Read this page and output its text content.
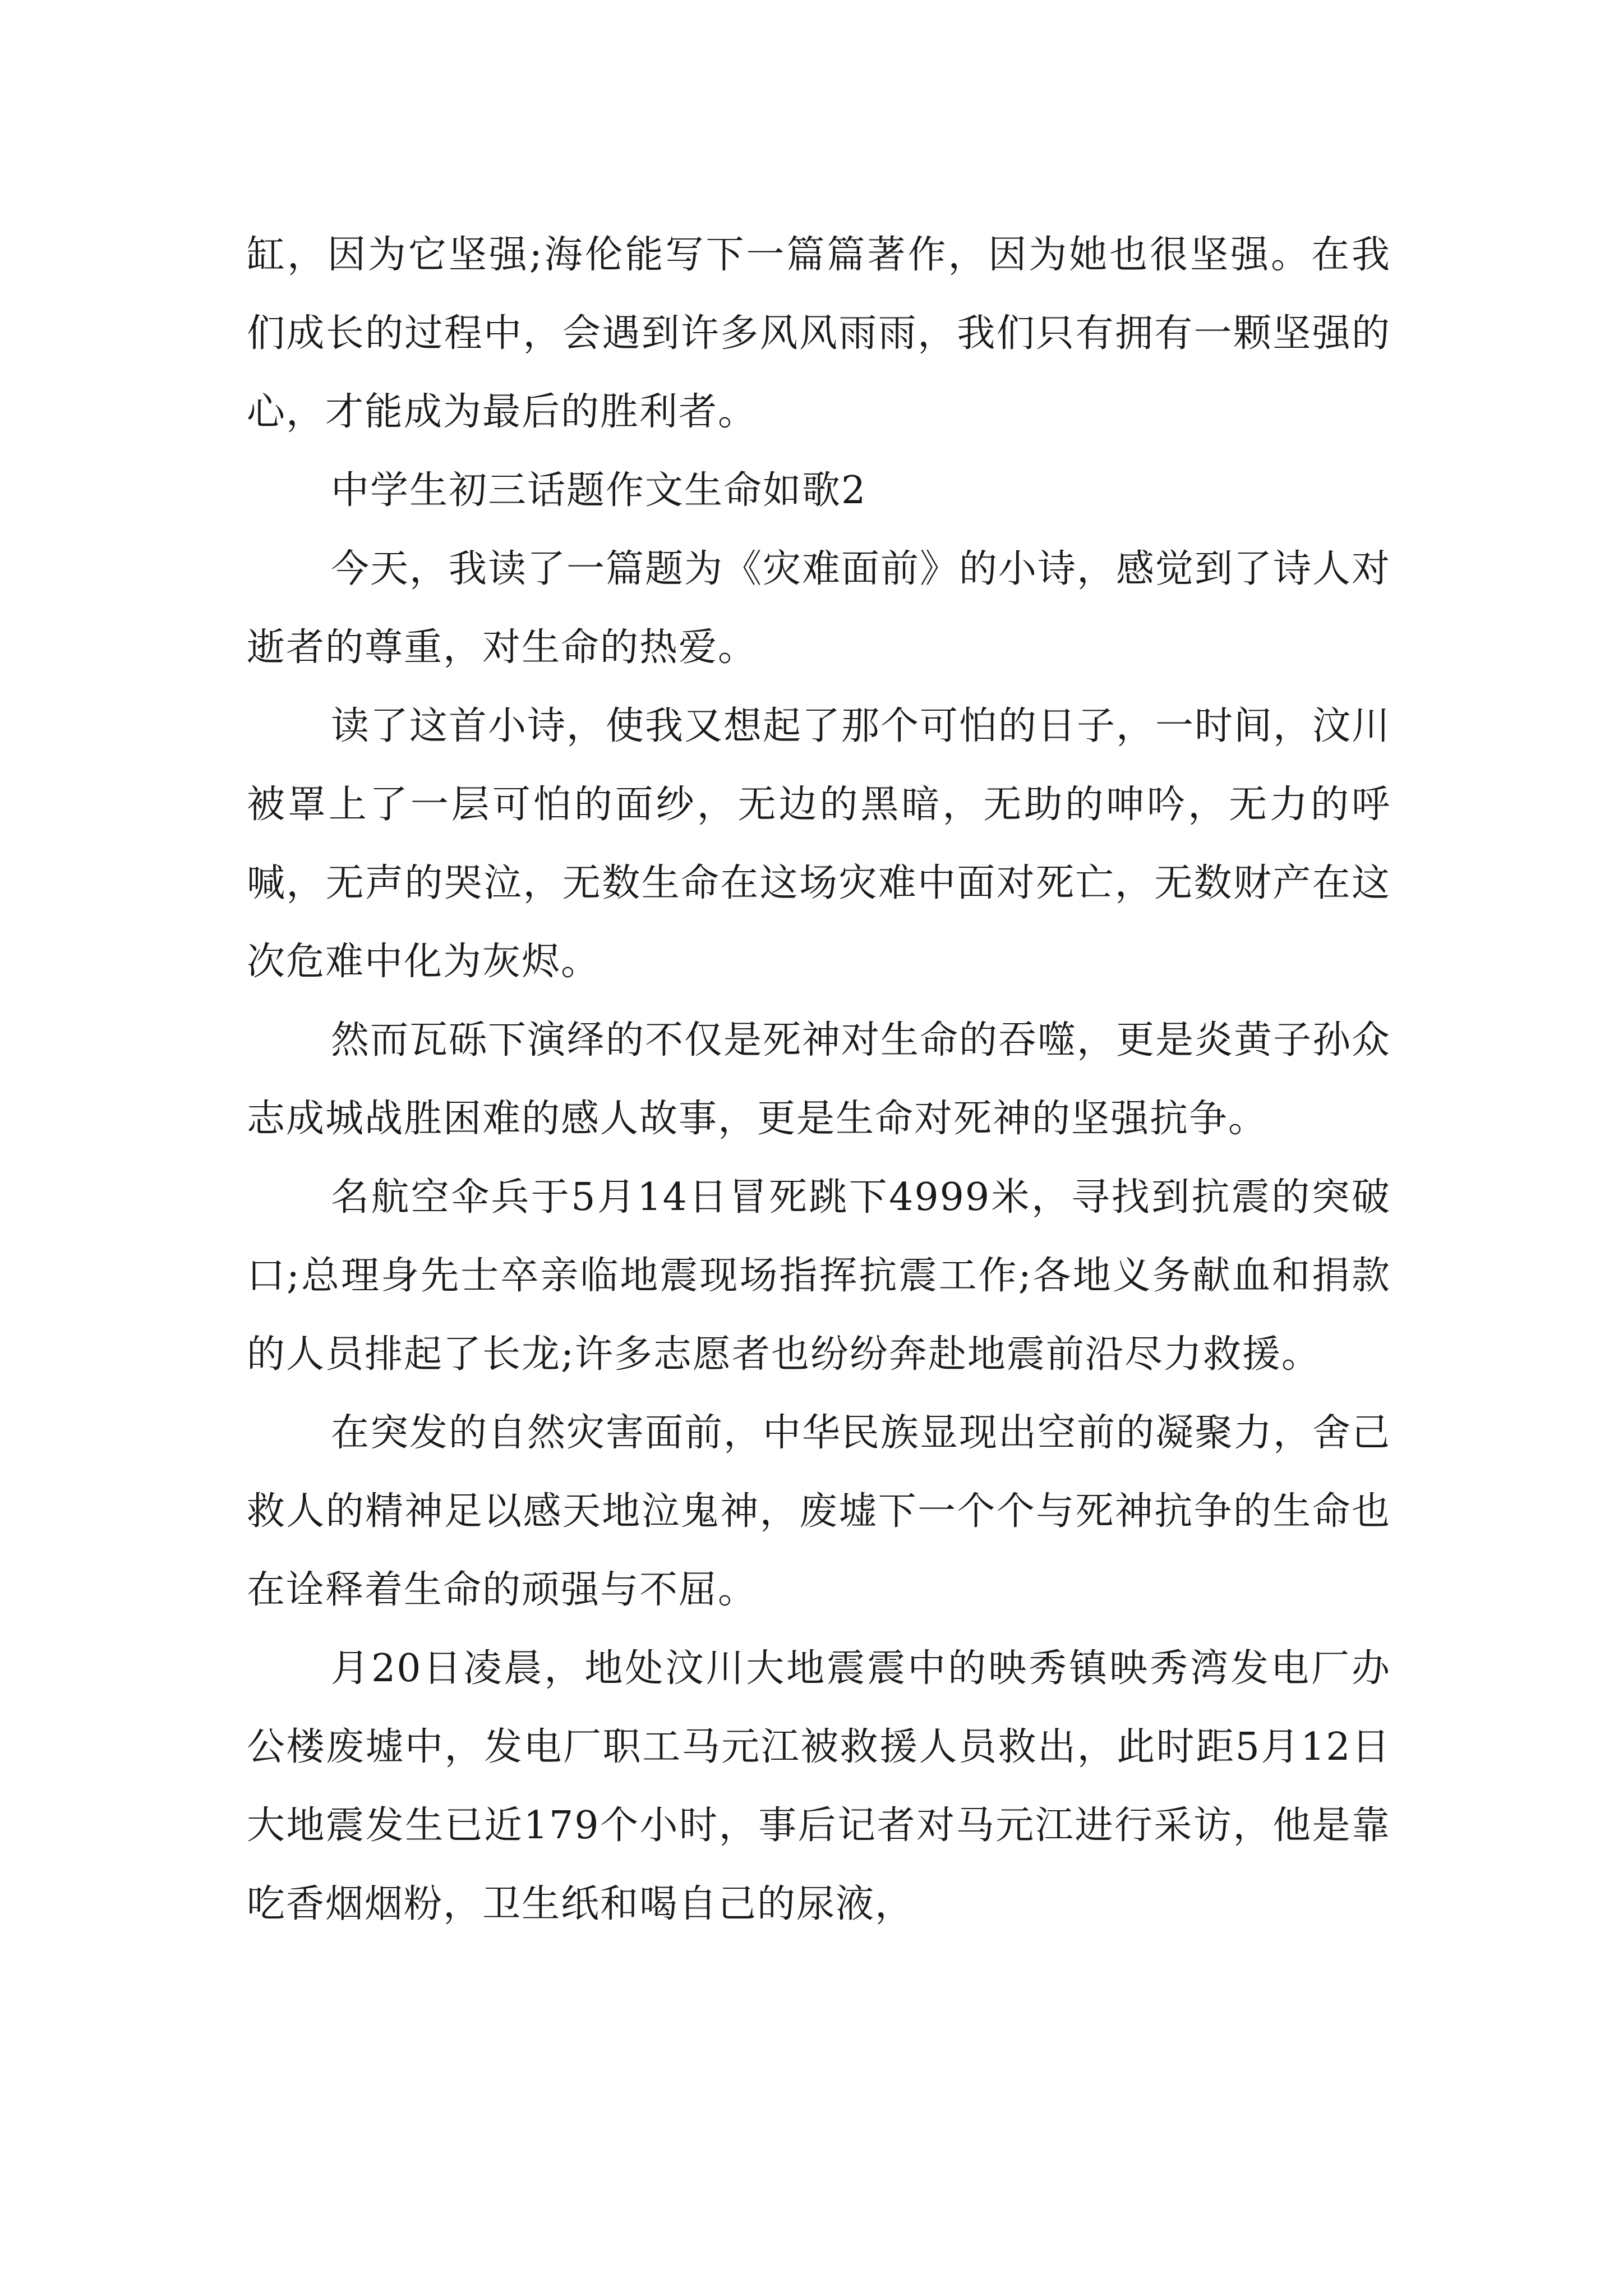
缸，因为它坚强;海伦能写下一篇篇著作，因为她也很坚强。在我们成长的过程中，会遇到许多风风雨雨，我们只有拥有一颗坚强的心，才能成为最后的胜利者。

中学生初三话题作文生命如歌2

今天，我读了一篇题为《灾难面前》的小诗，感觉到了诗人对逝者的尊重，对生命的热爱。

读了这首小诗，使我又想起了那个可怕的日子，一时间，汶川被罩上了一层可怕的面纱，无边的黑暗，无助的呻吟，无力的呼喊，无声的哭泣，无数生命在这场灾难中面对死亡，无数财产在这次危难中化为灰烬。

然而瓦砾下演绎的不仅是死神对生命的吞噬，更是炎黄子孙众志成城战胜困难的感人故事，更是生命对死神的坚强抗争。

名航空伞兵于5月14日冒死跳下4999米，寻找到抗震的突破口;总理身先士卒亲临地震现场指挥抗震工作;各地义务献血和捐款的人员排起了长龙;许多志愿者也纷纷奔赴地震前沿尽力救援。

在突发的自然灾害面前，中华民族显现出空前的凝聚力，舍己救人的精神足以感天地泣鬼神，废墟下一个个与死神抗争的生命也在诠释着生命的顽强与不屈。

月20日凌晨，地处汶川大地震震中的映秀镇映秀湾发电厂办公楼废墟中，发电厂职工马元江被救援人员救出，此时距5月12日大地震发生已近179个小时，事后记者对马元江进行采访，他是靠吃香烟烟粉，卫生纸和喝自己的尿液，
